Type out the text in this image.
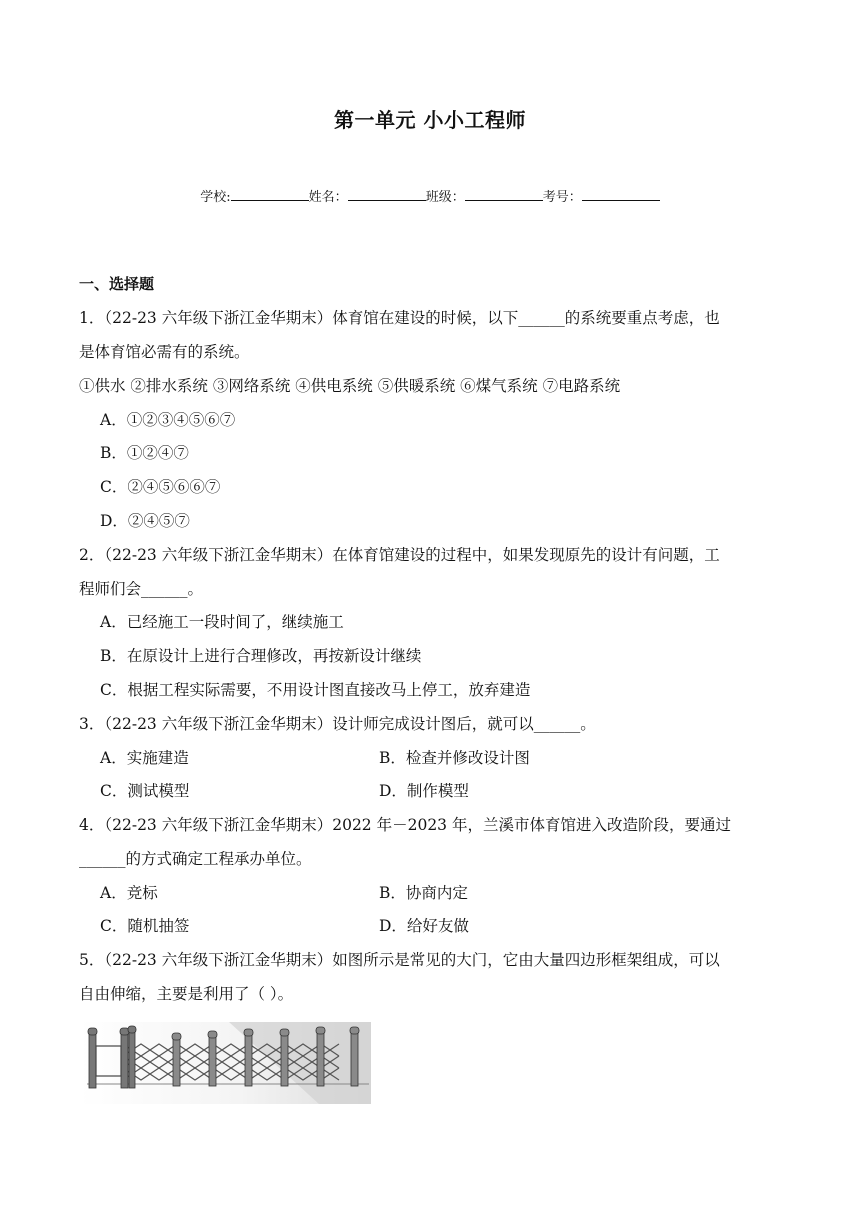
第一单元 小小工程师
学校:	姓名：	班级：	考号：
一、选择题
1．（22-23 六年级下浙江金华期末）体育馆在建设的时候，以下______的系统要重点考虑，也
是体育馆必需有的系统。
①供水 ②排水系统 ③网络系统 ④供电系统 ⑤供暖系统 ⑥煤气系统 ⑦电路系统
A．①②③④⑤⑥⑦
B．①②④⑦
C．②④⑤⑥⑥⑦
D．②④⑤⑦
2．（22-23 六年级下浙江金华期末）在体育馆建设的过程中，如果发现原先的设计有问题，工
程师们会______。
A．已经施工一段时间了，继续施工
B．在原设计上进行合理修改，再按新设计继续
C．根据工程实际需要，不用设计图直接改马上停工，放弃建造
3．（22-23 六年级下浙江金华期末）设计师完成设计图后，就可以______。
A．实施建造	B．检查并修改设计图
C．测试模型	D．制作模型
4．（22-23 六年级下浙江金华期末）2022 年－2023 年，兰溪市体育馆进入改造阶段，要通过
______的方式确定工程承办单位。
A．竞标	B．协商内定
C．随机抽签	D．给好友做
5．（22-23 六年级下浙江金华期末）如图所示是常见的大门，它由大量四边形框架组成，可以
自由伸缩，主要是利用了（ ）。
